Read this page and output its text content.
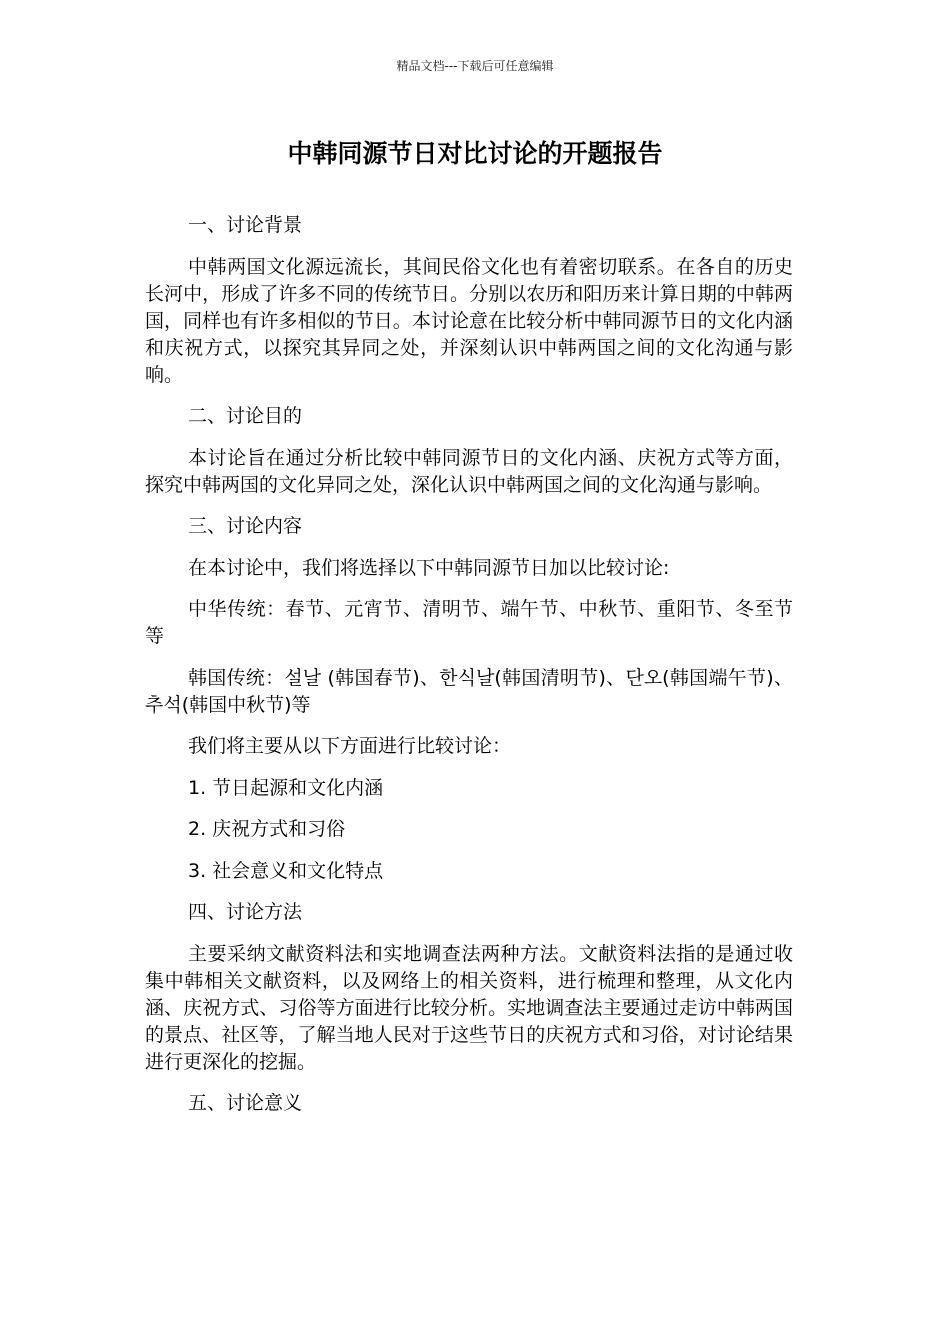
精品文档---下载后可任意编辑
中韩同源节日对比讨论的开题报告

一、讨论背景

中韩两国文化源远流长，其间民俗文化也有着密切联系。在各自的历史长河中，形成了许多不同的传统节日。分别以农历和阳历来计算日期的中韩两国，同样也有许多相似的节日。本讨论意在比较分析中韩同源节日的文化内涵和庆祝方式，以探究其异同之处，并深刻认识中韩两国之间的文化沟通与影响。

二、讨论目的

本讨论旨在通过分析比较中韩同源节日的文化内涵、庆祝方式等方面，探究中韩两国的文化异同之处，深化认识中韩两国之间的文化沟通与影响。

三、讨论内容

在本讨论中，我们将选择以下中韩同源节日加以比较讨论:

中华传统：春节、元宵节、清明节、端午节、中秋节、重阳节、冬至节等

韩国传统：설날 (韩国春节)、한식날(韩国清明节)、단오(韩国端午节)、추석(韩国中秋节)等

我们将主要从以下方面进行比较讨论：

1. 节日起源和文化内涵

2. 庆祝方式和习俗

3. 社会意义和文化特点

四、讨论方法

主要采纳文献资料法和实地调查法两种方法。文献资料法指的是通过收集中韩相关文献资料，以及网络上的相关资料，进行梳理和整理，从文化内涵、庆祝方式、习俗等方面进行比较分析。实地调查法主要通过走访中韩两国的景点、社区等，了解当地人民对于这些节日的庆祝方式和习俗，对讨论结果进行更深化的挖掘。

五、讨论意义
